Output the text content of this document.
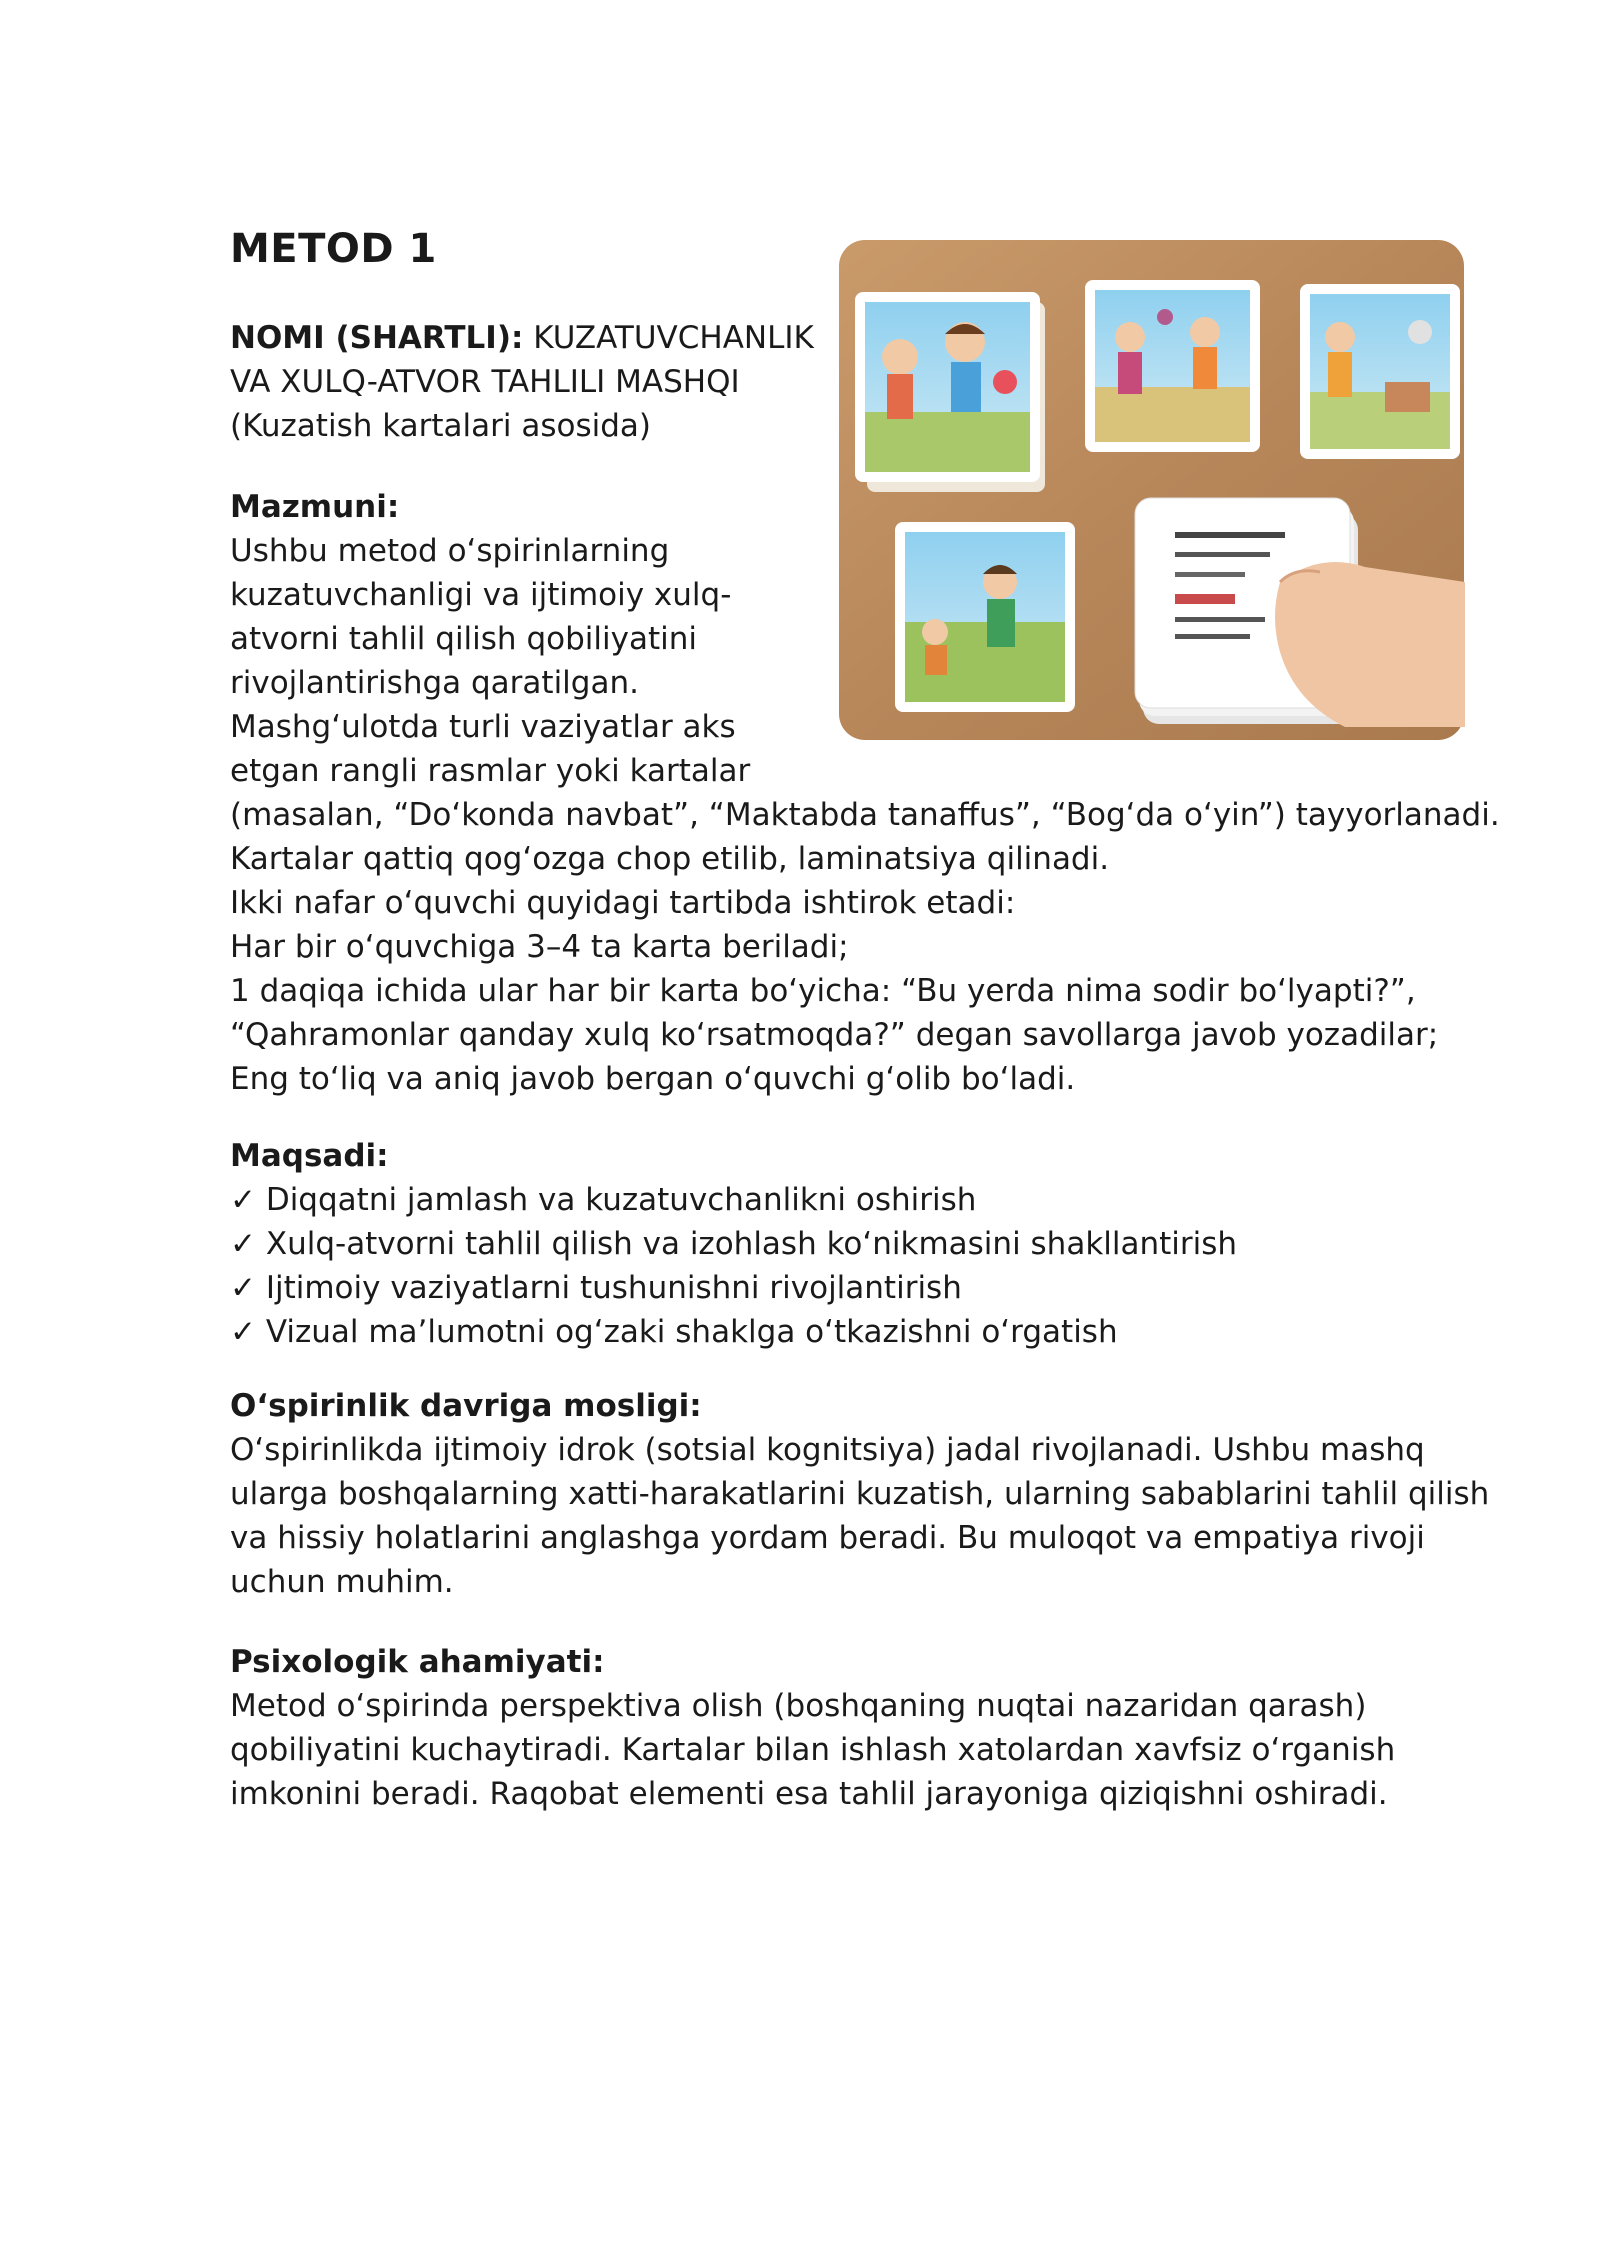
METOD 1
NOMI (SHARTLI): KUZATUVCHANLIK
VA XULQ-ATVOR TAHLILI MASHQI
(Kuzatish kartalari asosida)
Mazmuni:
Ushbu metod oʻspirinlarning
kuzatuvchanligi va ijtimoiy xulq-
atvorni tahlil qilish qobiliyatini
rivojlantirishga qaratilgan.
Mashgʻulotda turli vaziyatlar aks
etgan rangli rasmlar yoki kartalar
(masalan, “Doʻkonda navbat”, “Maktabda tanaffus”, “Bogʻda oʻyin”) tayyorlanadi.
Kartalar qattiq qogʻozga chop etilib, laminatsiya qilinadi.
Ikki nafar oʻquvchi quyidagi tartibda ishtirok etadi:
Har bir oʻquvchiga 3–4 ta karta beriladi;
1 daqiqa ichida ular har bir karta boʻyicha: “Bu yerda nima sodir boʻlyapti?”,
“Qahramonlar qanday xulq koʻrsatmoqda?” degan savollarga javob yozadilar;
Eng toʻliq va aniq javob bergan oʻquvchi gʻolib boʻladi.
Maqsadi:
✓ Diqqatni jamlash va kuzatuvchanlikni oshirish
✓ Xulq-atvorni tahlil qilish va izohlash koʻnikmasini shakllantirish
✓ Ijtimoiy vaziyatlarni tushunishni rivojlantirish
✓ Vizual maʼlumotni ogʻzaki shaklga oʻtkazishni oʻrgatish
Oʻspirinlik davriga mosligi:
Oʻspirinlikda ijtimoiy idrok (sotsial kognitsiya) jadal rivojlanadi. Ushbu mashq
ularga boshqalarning xatti-harakatlarini kuzatish, ularning sabablarini tahlil qilish
va hissiy holatlarini anglashga yordam beradi. Bu muloqot va empatiya rivoji
uchun muhim.
Psixologik ahamiyati:
Metod oʻspirinda perspektiva olish (boshqaning nuqtai nazaridan qarash)
qobiliyatini kuchaytiradi. Kartalar bilan ishlash xatolardan xavfsiz oʻrganish
imkonini beradi. Raqobat elementi esa tahlil jarayoniga qiziqishni oshiradi.
